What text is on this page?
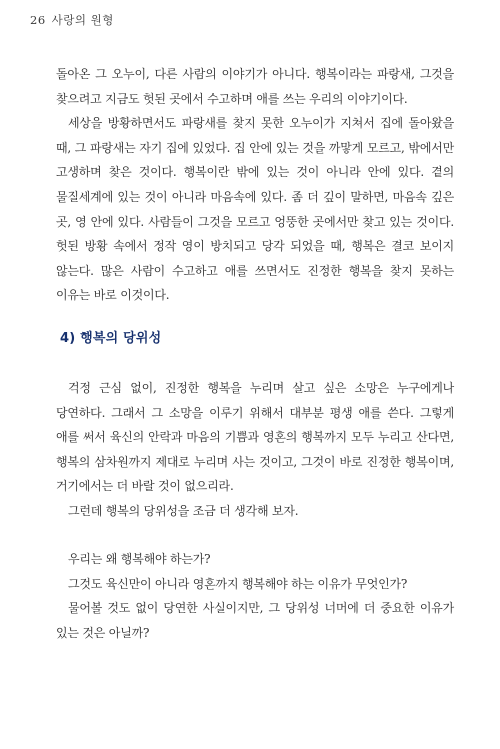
26 사랑의 원형

돌아온 그 오누이, 다른 사람의 이야기가 아니다. 행복이라는 파랑새, 그것을 찾으려고 지금도 헛된 곳에서 수고하며 애를 쓰는 우리의 이야기이다.

세상을 방황하면서도 파랑새를 찾지 못한 오누이가 지쳐서 집에 돌아왔을 때, 그 파랑새는 자기 집에 있었다. 집 안에 있는 것을 까맣게 모르고, 밖에서만 고생하며 찾은 것이다. 행복이란 밖에 있는 것이 아니라 안에 있다. 곁의 물질세계에 있는 것이 아니라 마음속에 있다. 좀 더 깊이 말하면, 마음속 깊은 곳, 영 안에 있다. 사람들이 그것을 모르고 엉뚱한 곳에서만 찾고 있는 것이다. 헛된 방황 속에서 정작 영이 방치되고 당각 되었을 때, 행복은 결코 보이지 않는다. 많은 사람이 수고하고 애를 쓰면서도 진정한 행복을 찾지 못하는 이유는 바로 이것이다.

4) 행복의 당위성

걱정 근심 없이, 진정한 행복을 누리며 살고 싶은 소망은 누구에게나 당연하다. 그래서 그 소망을 이루기 위해서 대부분 평생 애를 쓴다. 그렇게 애를 써서 육신의 안락과 마음의 기쁨과 영혼의 행복까지 모두 누리고 산다면, 행복의 삼차원까지 제대로 누리며 사는 것이고, 그것이 바로 진정한 행복이며, 거기에서는 더 바랄 것이 없으리라.

그런데 행복의 당위성을 조금 더 생각해 보자.

우리는 왜 행복해야 하는가?

그것도 육신만이 아니라 영혼까지 행복해야 하는 이유가 무엇인가?

물어볼 것도 없이 당연한 사실이지만, 그 당위성 너머에 더 중요한 이유가 있는 것은 아닐까?
